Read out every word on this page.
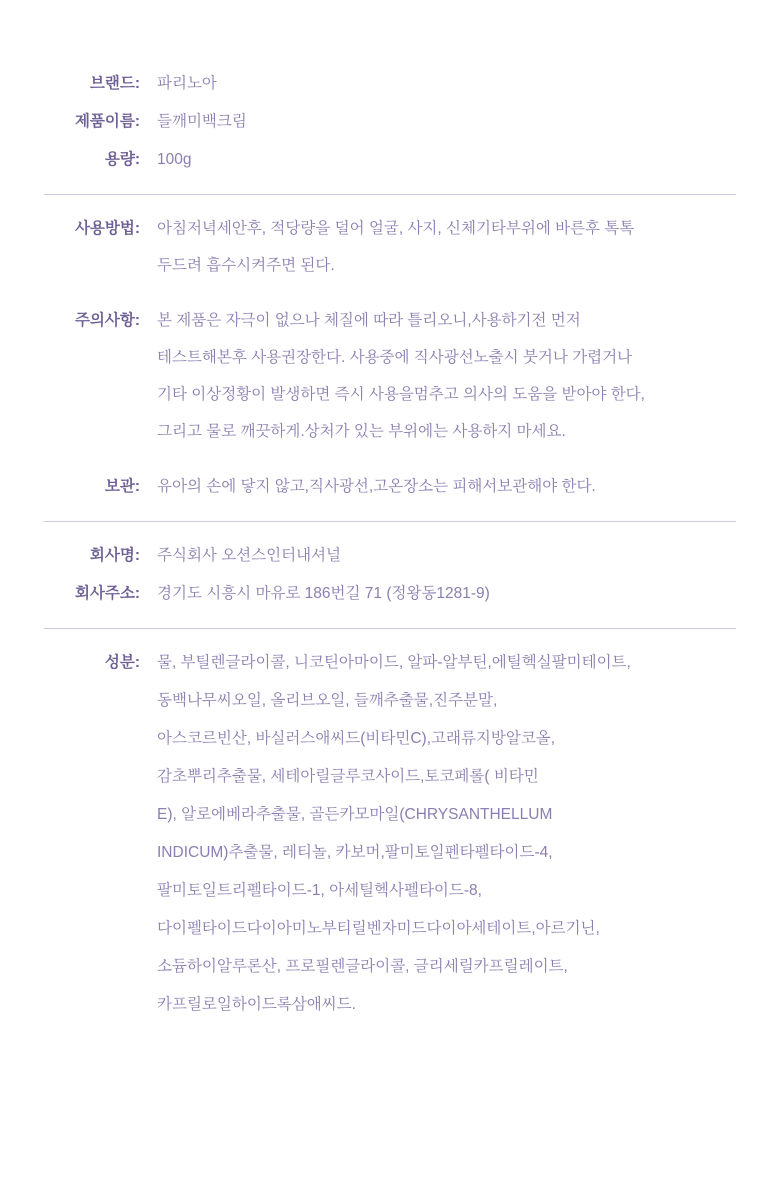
브랜드: 파리노아

제품이름: 들깨미백크림

용량: 100g

사용방법: 아침저녁세안후, 적당량을 덜어 얼굴, 사지, 신체기타부위에 바른후 톡톡

두드려 흡수시켜주면 된다.

주의사항: 본 제품은 자극이 없으나 체질에 따라 틀리오니,사용하기전 먼저

테스트해본후 사용권장한다. 사용중에 직사광선노출시 붓거나 가렵거나

기타 이상정황이 발생하면 즉시 사용을멈추고 의사의 도움을 받아야 한다,

그리고 물로 깨끗하게.상처가 있는 부위에는 사용하지 마세요.

보관: 유아의 손에 닿지 않고,직사광선,고온장소는 피해서보관해야 한다.

회사명: 주식회사 오션스인터내셔널

회사주소: 경기도 시흥시 마유로 186번길 71 (정왕동1281-9)

성분: 물, 부틸렌글라이콜, 니코틴아마이드, 알파-알부틴,에틸헥실팔미테이트,

동백나무씨오일, 올리브오일, 들깨추출물,진주분말,

아스코르빈산, 바실러스애씨드(비타민C),고래류지방알코올,

감초뿌리추출물, 세테아릴글루코사이드,토코페롤( 비타민

E), 알로에베라추출물, 골든카모마일(CHRYSANTHELLUM

INDICUM)추출물, 레티놀, 카보머,팔미토일펜타펠타이드-4,

팔미토일트리펠타이드-1, 아세틸헥사펠타이드-8,

다이펠타이드다이아미노부티릴벤자미드다이아세테이트,아르기닌,

소듐하이알루론산, 프로필렌글라이콜, 글리세릴카프릴레이트,

카프릴로일하이드록삼애씨드.
